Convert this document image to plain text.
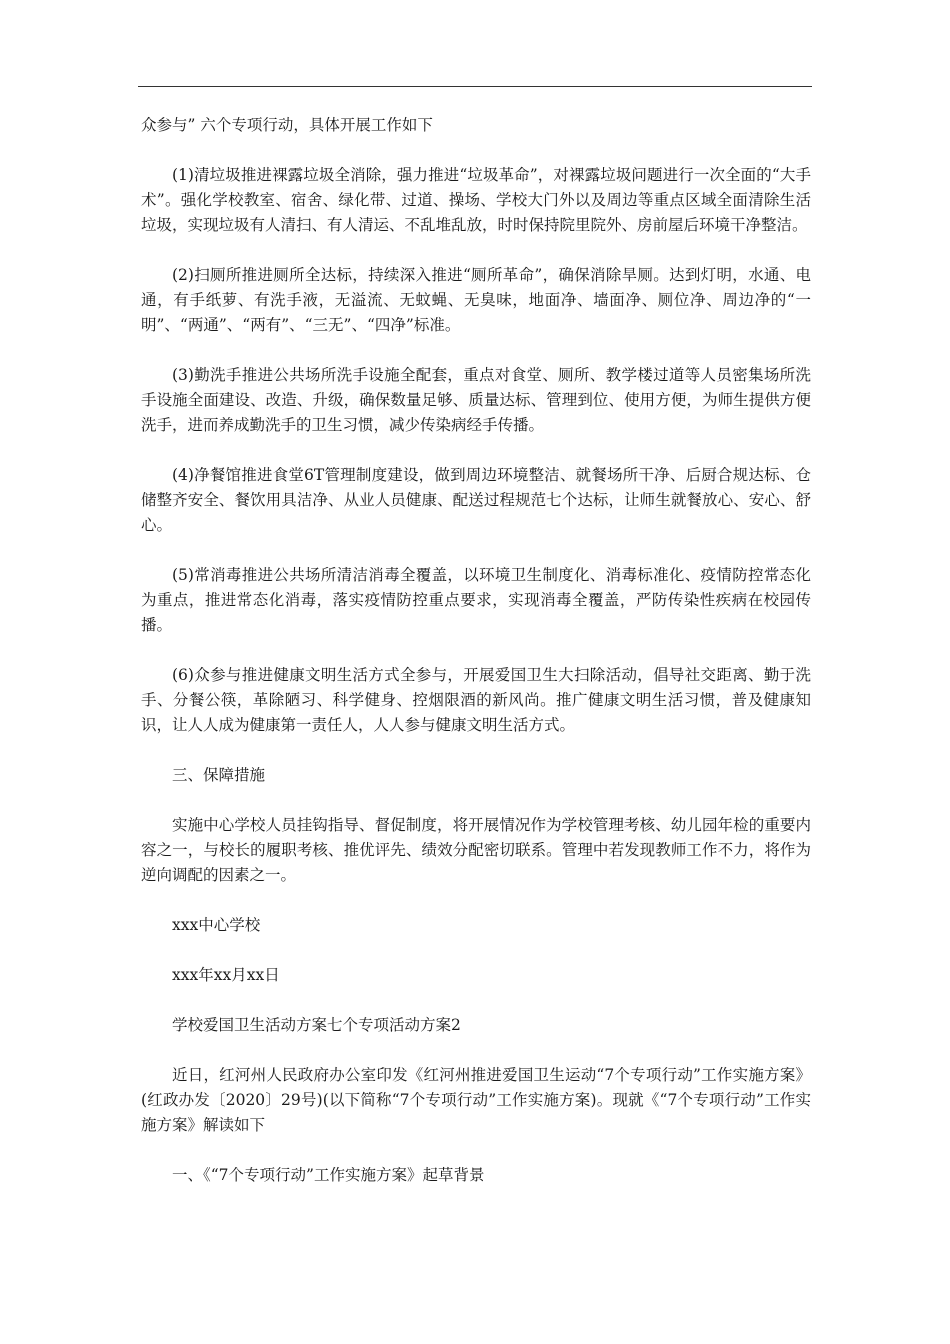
众参与” 六个专项行动，具体开展工作如下

(1)清垃圾推进裸露垃圾全消除，强力推进“垃圾革命”，对裸露垃圾问题进行一次全面的“大手术”。强化学校教室、宿舍、绿化带、过道、操场、学校大门外以及周边等重点区域全面清除生活垃圾，实现垃圾有人清扫、有人清运、不乱堆乱放，时时保持院里院外、房前屋后环境干净整洁。

(2)扫厕所推进厕所全达标，持续深入推进“厕所革命”，确保消除旱厕。达到灯明，水通、电通，有手纸萝、有洗手液，无溢流、无蚊蝇、无臭味，地面净、墙面净、厕位净、周边净的“一明”、“两通”、“两有”、“三无”、“四净”标准。

(3)勤洗手推进公共场所洗手设施全配套，重点对食堂、厕所、教学楼过道等人员密集场所洗手设施全面建设、改造、升级，确保数量足够、质量达标、管理到位、使用方便，为师生提供方便洗手，进而养成勤洗手的卫生习惯，减少传染病经手传播。

(4)净餐馆推进食堂6T管理制度建设，做到周边环境整洁、就餐场所干净、后厨合规达标、仓储整齐安全、餐饮用具洁净、从业人员健康、配送过程规范七个达标，让师生就餐放心、安心、舒心。

(5)常消毒推进公共场所清洁消毒全覆盖，以环境卫生制度化、消毒标准化、疫情防控常态化为重点，推进常态化消毒，落实疫情防控重点要求，实现消毒全覆盖，严防传染性疾病在校园传播。

(6)众参与推进健康文明生活方式全参与，开展爱国卫生大扫除活动，倡导社交距离、勤于洗手、分餐公筷，革除陋习、科学健身、控烟限酒的新风尚。推广健康文明生活习惯，普及健康知识，让人人成为健康第一责任人，人人参与健康文明生活方式。

三、保障措施

实施中心学校人员挂钩指导、督促制度，将开展情况作为学校管理考核、幼儿园年检的重要内容之一，与校长的履职考核、推优评先、绩效分配密切联系。管理中若发现教师工作不力，将作为逆向调配的因素之一。

xxx中心学校

xxx年xx月xx日

学校爱国卫生活动方案七个专项活动方案2

近日，红河州人民政府办公室印发《红河州推进爱国卫生运动“7个专项行动”工作实施方案》(红政办发〔2020〕29号)(以下简称“7个专项行动”工作实施方案)。现就《“7个专项行动”工作实施方案》解读如下

一、《“7个专项行动”工作实施方案》起草背景
